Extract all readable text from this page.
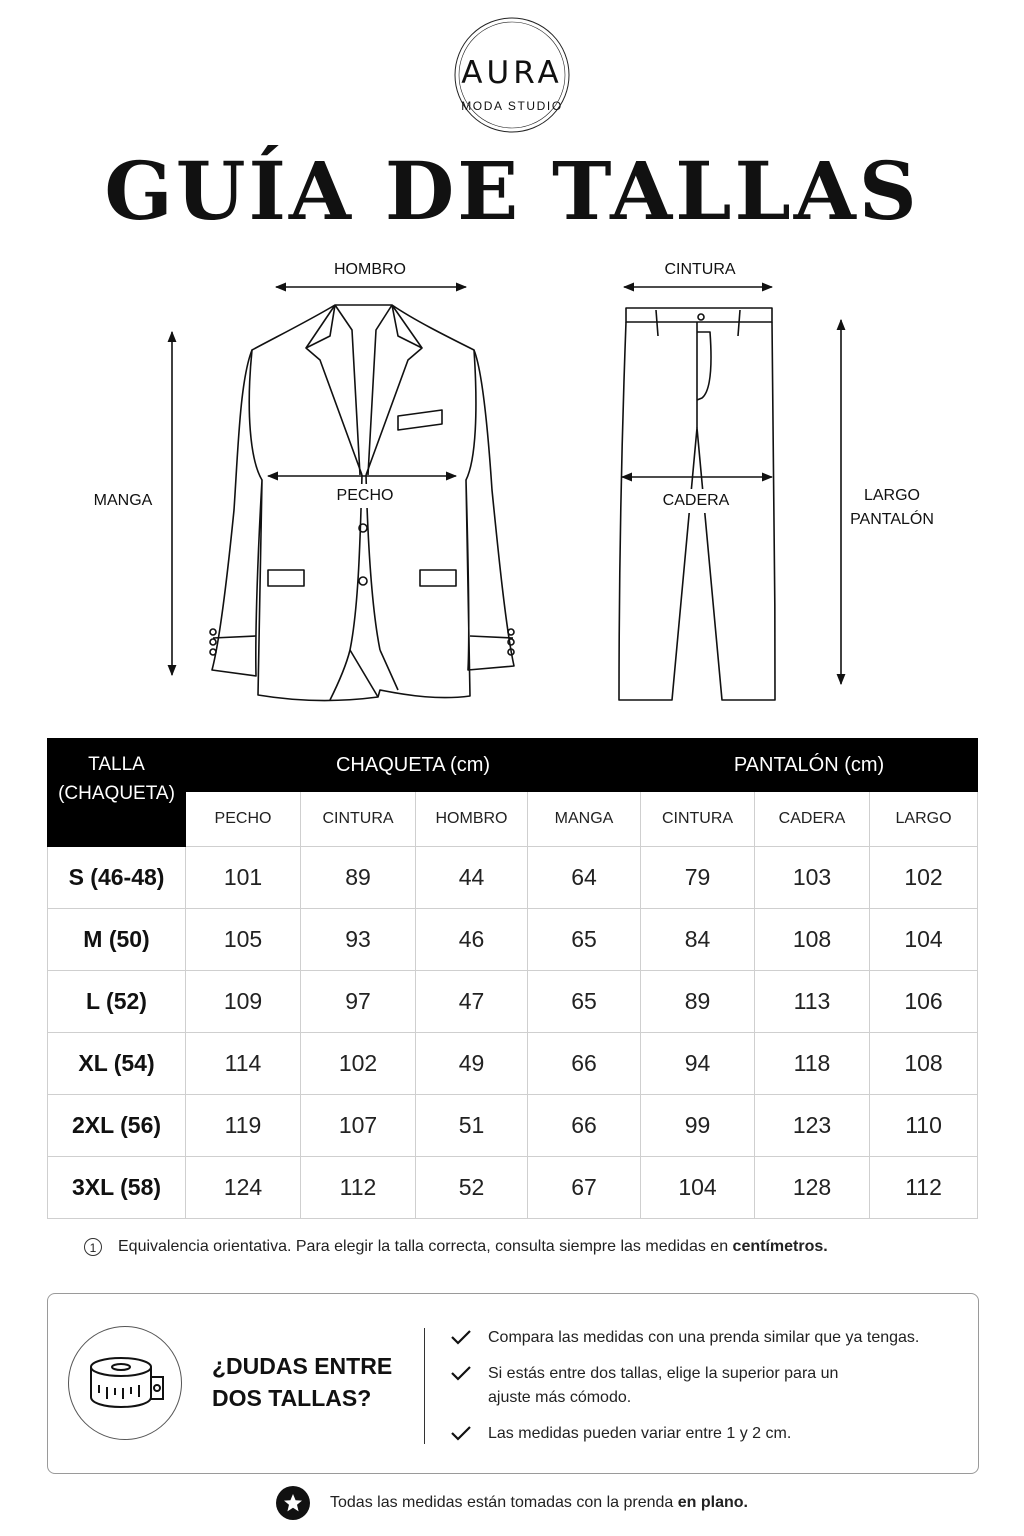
AURA
MODA STUDIO
GUÍA DE TALLAS
HOMBRO
MANGA	PECHO
CINTURA
CADERA	LARGO
PANTALÓN
TALLA
(CHAQUETA)	CHAQUETA (cm)				PANTALÓN (cm)		
	PECHO	CINTURA	HOMBRO	MANGA	CINTURA	CADERA	LARGO
S (46-48)	101	89	44	64	79	103	102
M (50)	105	93	46	65	84	108	104
L (52)	109	97	47	65	89	113	106
XL (54)	114	102	49	66	94	118	108
2XL (56)	119	107	51	66	99	123	110
3XL (58)	124	112	52	67	104	128	112
1 Equivalencia orientativa. Para elegir la talla correcta, consulta siempre las medidas en centímetros.
¿DUDAS ENTRE
DOS TALLAS?
Compara las medidas con una prenda similar que ya tengas.
Si estás entre dos tallas, elige la superior para un ajuste más cómodo.
Las medidas pueden variar entre 1 y 2 cm.
Todas las medidas están tomadas con la prenda en plano.
